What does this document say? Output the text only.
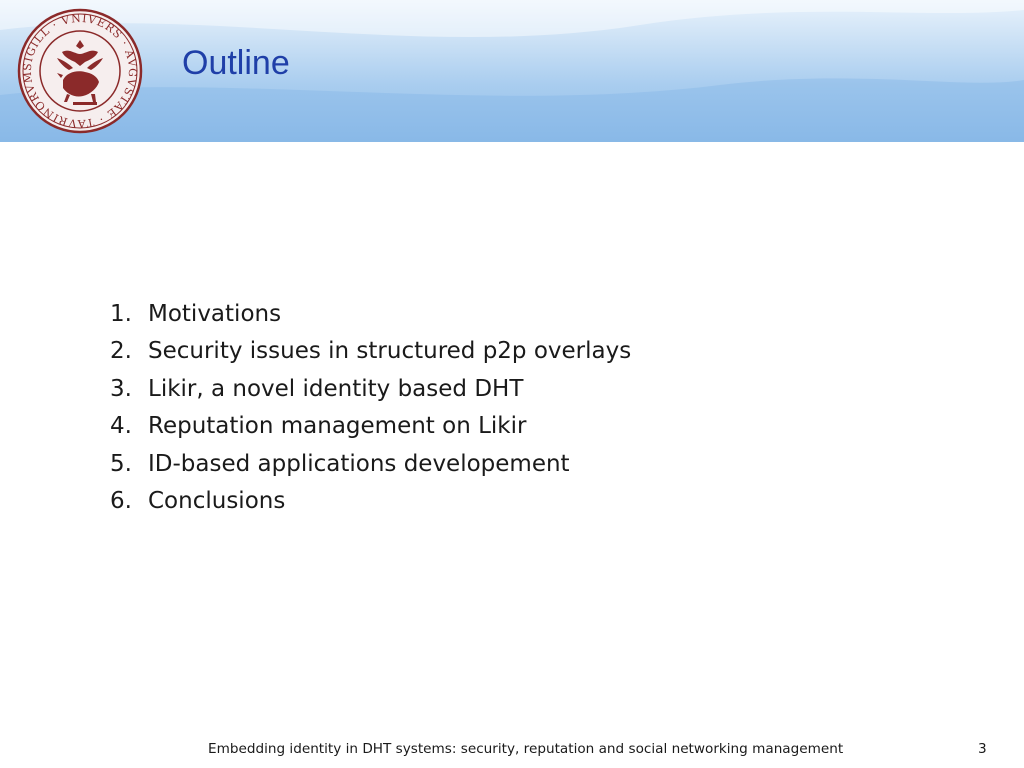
SIGILL · VNIVERS · AVGVSTAE · TAVRINORVM	Outline
1. Motivations
2. Security issues in structured p2p overlays
3. Likir, a novel identity based DHT
4. Reputation management on Likir
5. ID-based applications developement
6. Conclusions
Embedding identity in DHT systems: security, reputation and social networking management	3
